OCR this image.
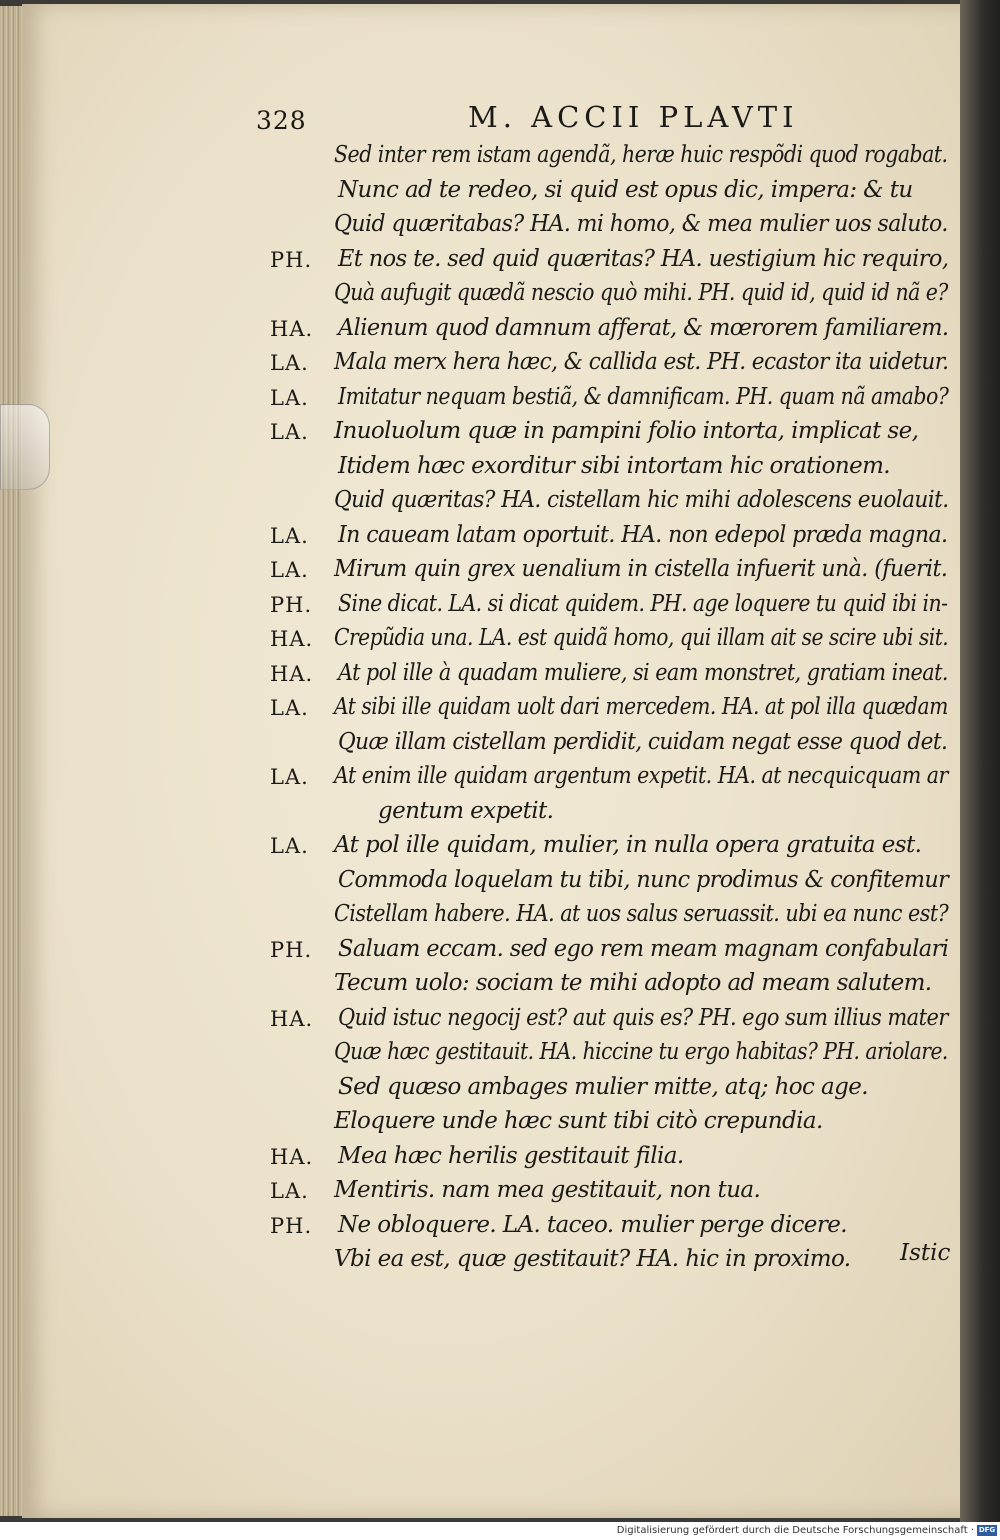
328	M. ACCII PLAVTI
Sed inter rem istam agendã, heræ huic respõdi quod rogabat.
Nunc ad te redeo, si quid est opus dic, impera: & tu
Quid quæritabas? HA. mi homo, & mea mulier uos saluto.
PH. Et nos te. sed quid quæritas? HA. uestigium hic requiro,
Quà aufugit quædã nescio quò mihi. PH. quid id, quid id nã e?
HA. Alienum quod damnum afferat, & mœrorem familiarem.
LA. Mala merx hera hæc, & callida est. PH. ecastor ita uidetur.
LA. Imitatur nequam bestiã, & damnificam. PH. quam nã amabo?
LA. Inuoluolum quæ in pampini folio intorta, implicat se,
Itidem hæc exorditur sibi intortam hic orationem.
Quid quæritas? HA. cistellam hic mihi adolescens euolauit.
LA. In caueam latam oportuit. HA. non edepol præda magna.
LA. Mirum quin grex uenalium in cistella infuerit unà. (fuerit.
PH. Sine dicat. LA. si dicat quidem. PH. age loquere tu quid ibi in-
HA. Crepũdia una. LA. est quidã homo, qui illam ait se scire ubi sit.
HA. At pol ille à quadam muliere, si eam monstret, gratiam ineat.
LA. At sibi ille quidam uolt dari mercedem. HA. at pol illa quædam
Quæ illam cistellam perdidit, cuidam negat esse quod det.
LA. At enim ille quidam argentum expetit. HA. at necquicquam ar
gentum expetit.
LA. At pol ille quidam, mulier, in nulla opera gratuita est.
Commoda loquelam tu tibi, nunc prodimus & confitemur
Cistellam habere. HA. at uos salus seruassit. ubi ea nunc est?
PH. Saluam eccam. sed ego rem meam magnam confabulari
Tecum uolo: sociam te mihi adopto ad meam salutem.
HA. Quid istuc negocij est? aut quis es? PH. ego sum illius mater
Quæ hæc gestitauit. HA. hiccine tu ergo habitas? PH. ariolare.
Sed quæso ambages mulier mitte, atq; hoc age.
Eloquere unde hæc sunt tibi citò crepundia.
HA. Mea hæc herilis gestitauit filia.
LA. Mentiris. nam mea gestitauit, non tua.
PH. Ne obloquere. LA. taceo. mulier perge dicere.
Vbi ea est, quæ gestitauit? HA. hic in proximo. Istic
Digitalisierung gefördert durch die Deutsche Forschungsgemeinschaft · DFG
